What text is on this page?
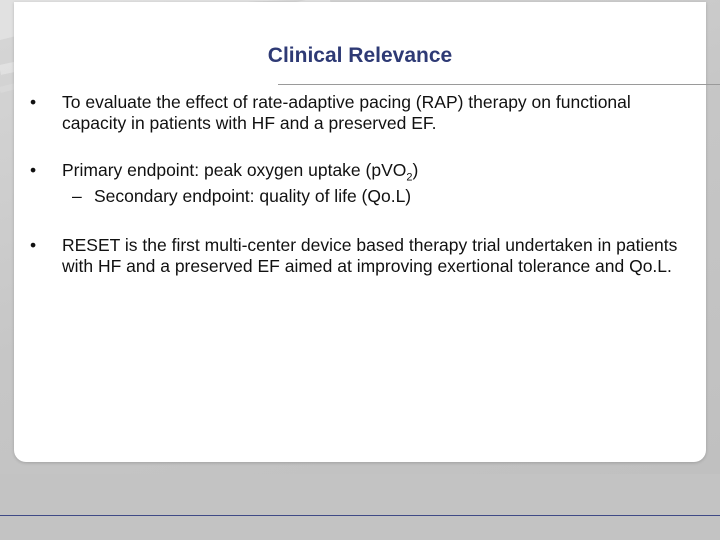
Clinical Relevance
•	To evaluate the effect of rate-adaptive pacing (RAP) therapy on functional capacity in patients with HF and a preserved EF.
•	Primary endpoint: peak oxygen uptake (pVO$_2$)
– Secondary endpoint: quality of life (Qo.L)
•	RESET is the first multi-center device based therapy trial undertaken in patients with HF and a preserved EF aimed at improving exertional tolerance and Qo.L.
